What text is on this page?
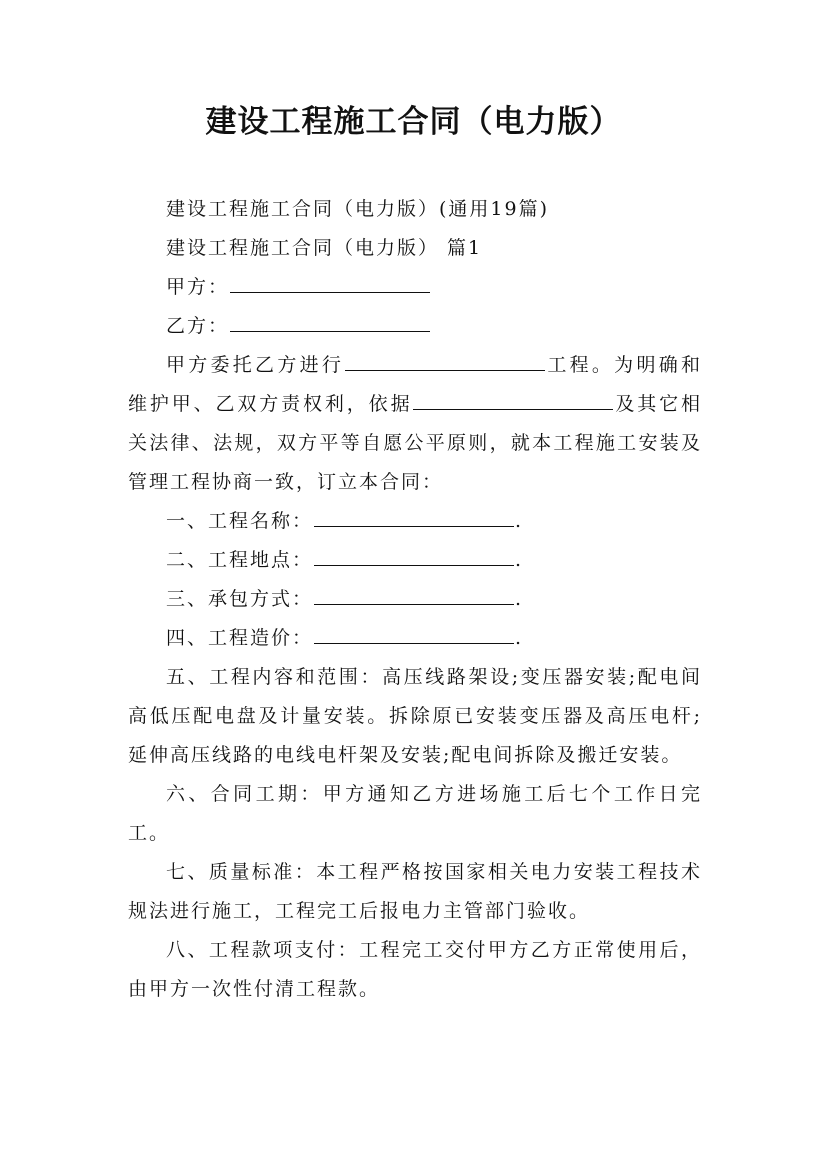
建设工程施工合同（电力版）

建设工程施工合同（电力版）(通用19篇)

建设工程施工合同（电力版） 篇1

甲方：

乙方：

甲方委托乙方进行	工程。为明确和维护甲、乙双方责权利，依据	及其它相关法律、法规，双方平等自愿公平原则，就本工程施工安装及管理工程协商一致，订立本合同：

一、工程名称：	.

二、工程地点：	.

三、承包方式：	.

四、工程造价：	.

五、工程内容和范围：高压线路架设;变压器安装;配电间高低压配电盘及计量安装。拆除原已安装变压器及高压电杆;延伸高压线路的电线电杆架及安装;配电间拆除及搬迁安装。

六、合同工期：甲方通知乙方进场施工后七个工作日完工。

七、质量标准：本工程严格按国家相关电力安装工程技术规法进行施工，工程完工后报电力主管部门验收。

八、工程款项支付：工程完工交付甲方乙方正常使用后，由甲方一次性付清工程款。
